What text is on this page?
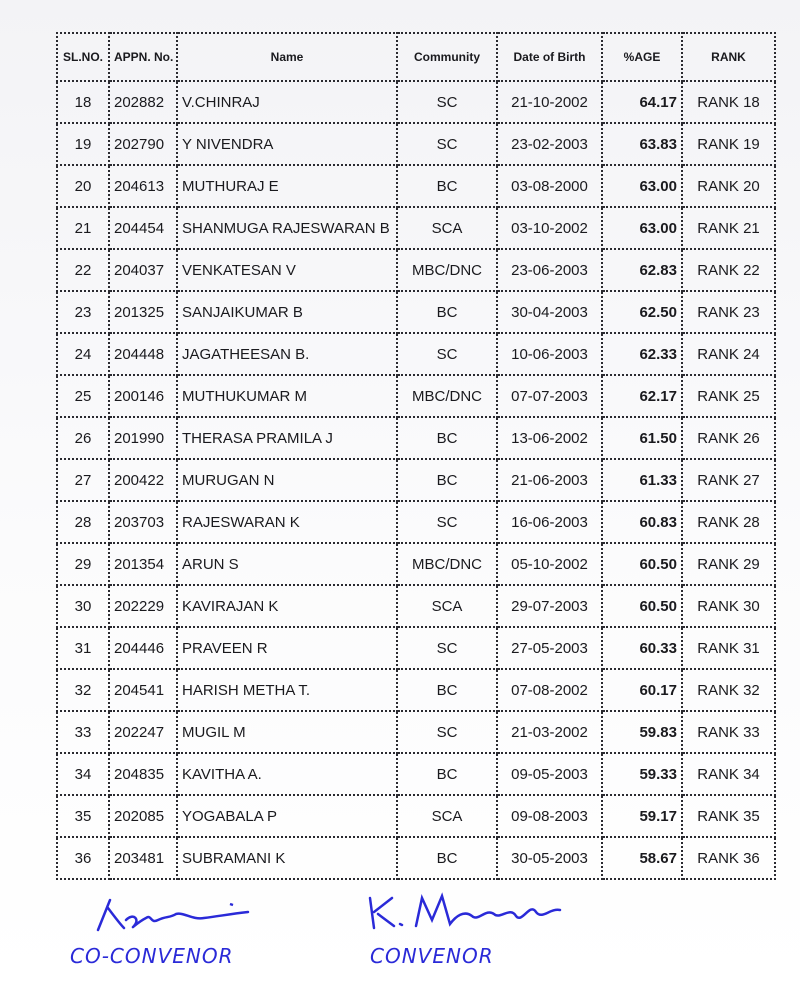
SL.NO.	APPN. No.	Name	Community	Date of Birth	%AGE	RANK
18	202882	V.CHINRAJ	SC	21-10-2002	64.17	RANK 18
19	202790	Y NIVENDRA	SC	23-02-2003	63.83	RANK 19
20	204613	MUTHURAJ E	BC	03-08-2000	63.00	RANK 20
21	204454	SHANMUGA RAJESWARAN B	SCA	03-10-2002	63.00	RANK 21
22	204037	VENKATESAN V	MBC/DNC	23-06-2003	62.83	RANK 22
23	201325	SANJAIKUMAR B	BC	30-04-2003	62.50	RANK 23
24	204448	JAGATHEESAN B.	SC	10-06-2003	62.33	RANK 24
25	200146	MUTHUKUMAR M	MBC/DNC	07-07-2003	62.17	RANK 25
26	201990	THERASA PRAMILA J	BC	13-06-2002	61.50	RANK 26
27	200422	MURUGAN N	BC	21-06-2003	61.33	RANK 27
28	203703	RAJESWARAN K	SC	16-06-2003	60.83	RANK 28
29	201354	ARUN S	MBC/DNC	05-10-2002	60.50	RANK 29
30	202229	KAVIRAJAN K	SCA	29-07-2003	60.50	RANK 30
31	204446	PRAVEEN R	SC	27-05-2003	60.33	RANK 31
32	204541	HARISH METHA T.	BC	07-08-2002	60.17	RANK 32
33	202247	MUGIL M	SC	21-03-2002	59.83	RANK 33
34	204835	KAVITHA A.	BC	09-05-2003	59.33	RANK 34
35	202085	YOGABALA P	SCA	09-08-2003	59.17	RANK 35
36	203481	SUBRAMANI K	BC	30-05-2003	58.67	RANK 36
CO-CONVENOR	CONVENOR
